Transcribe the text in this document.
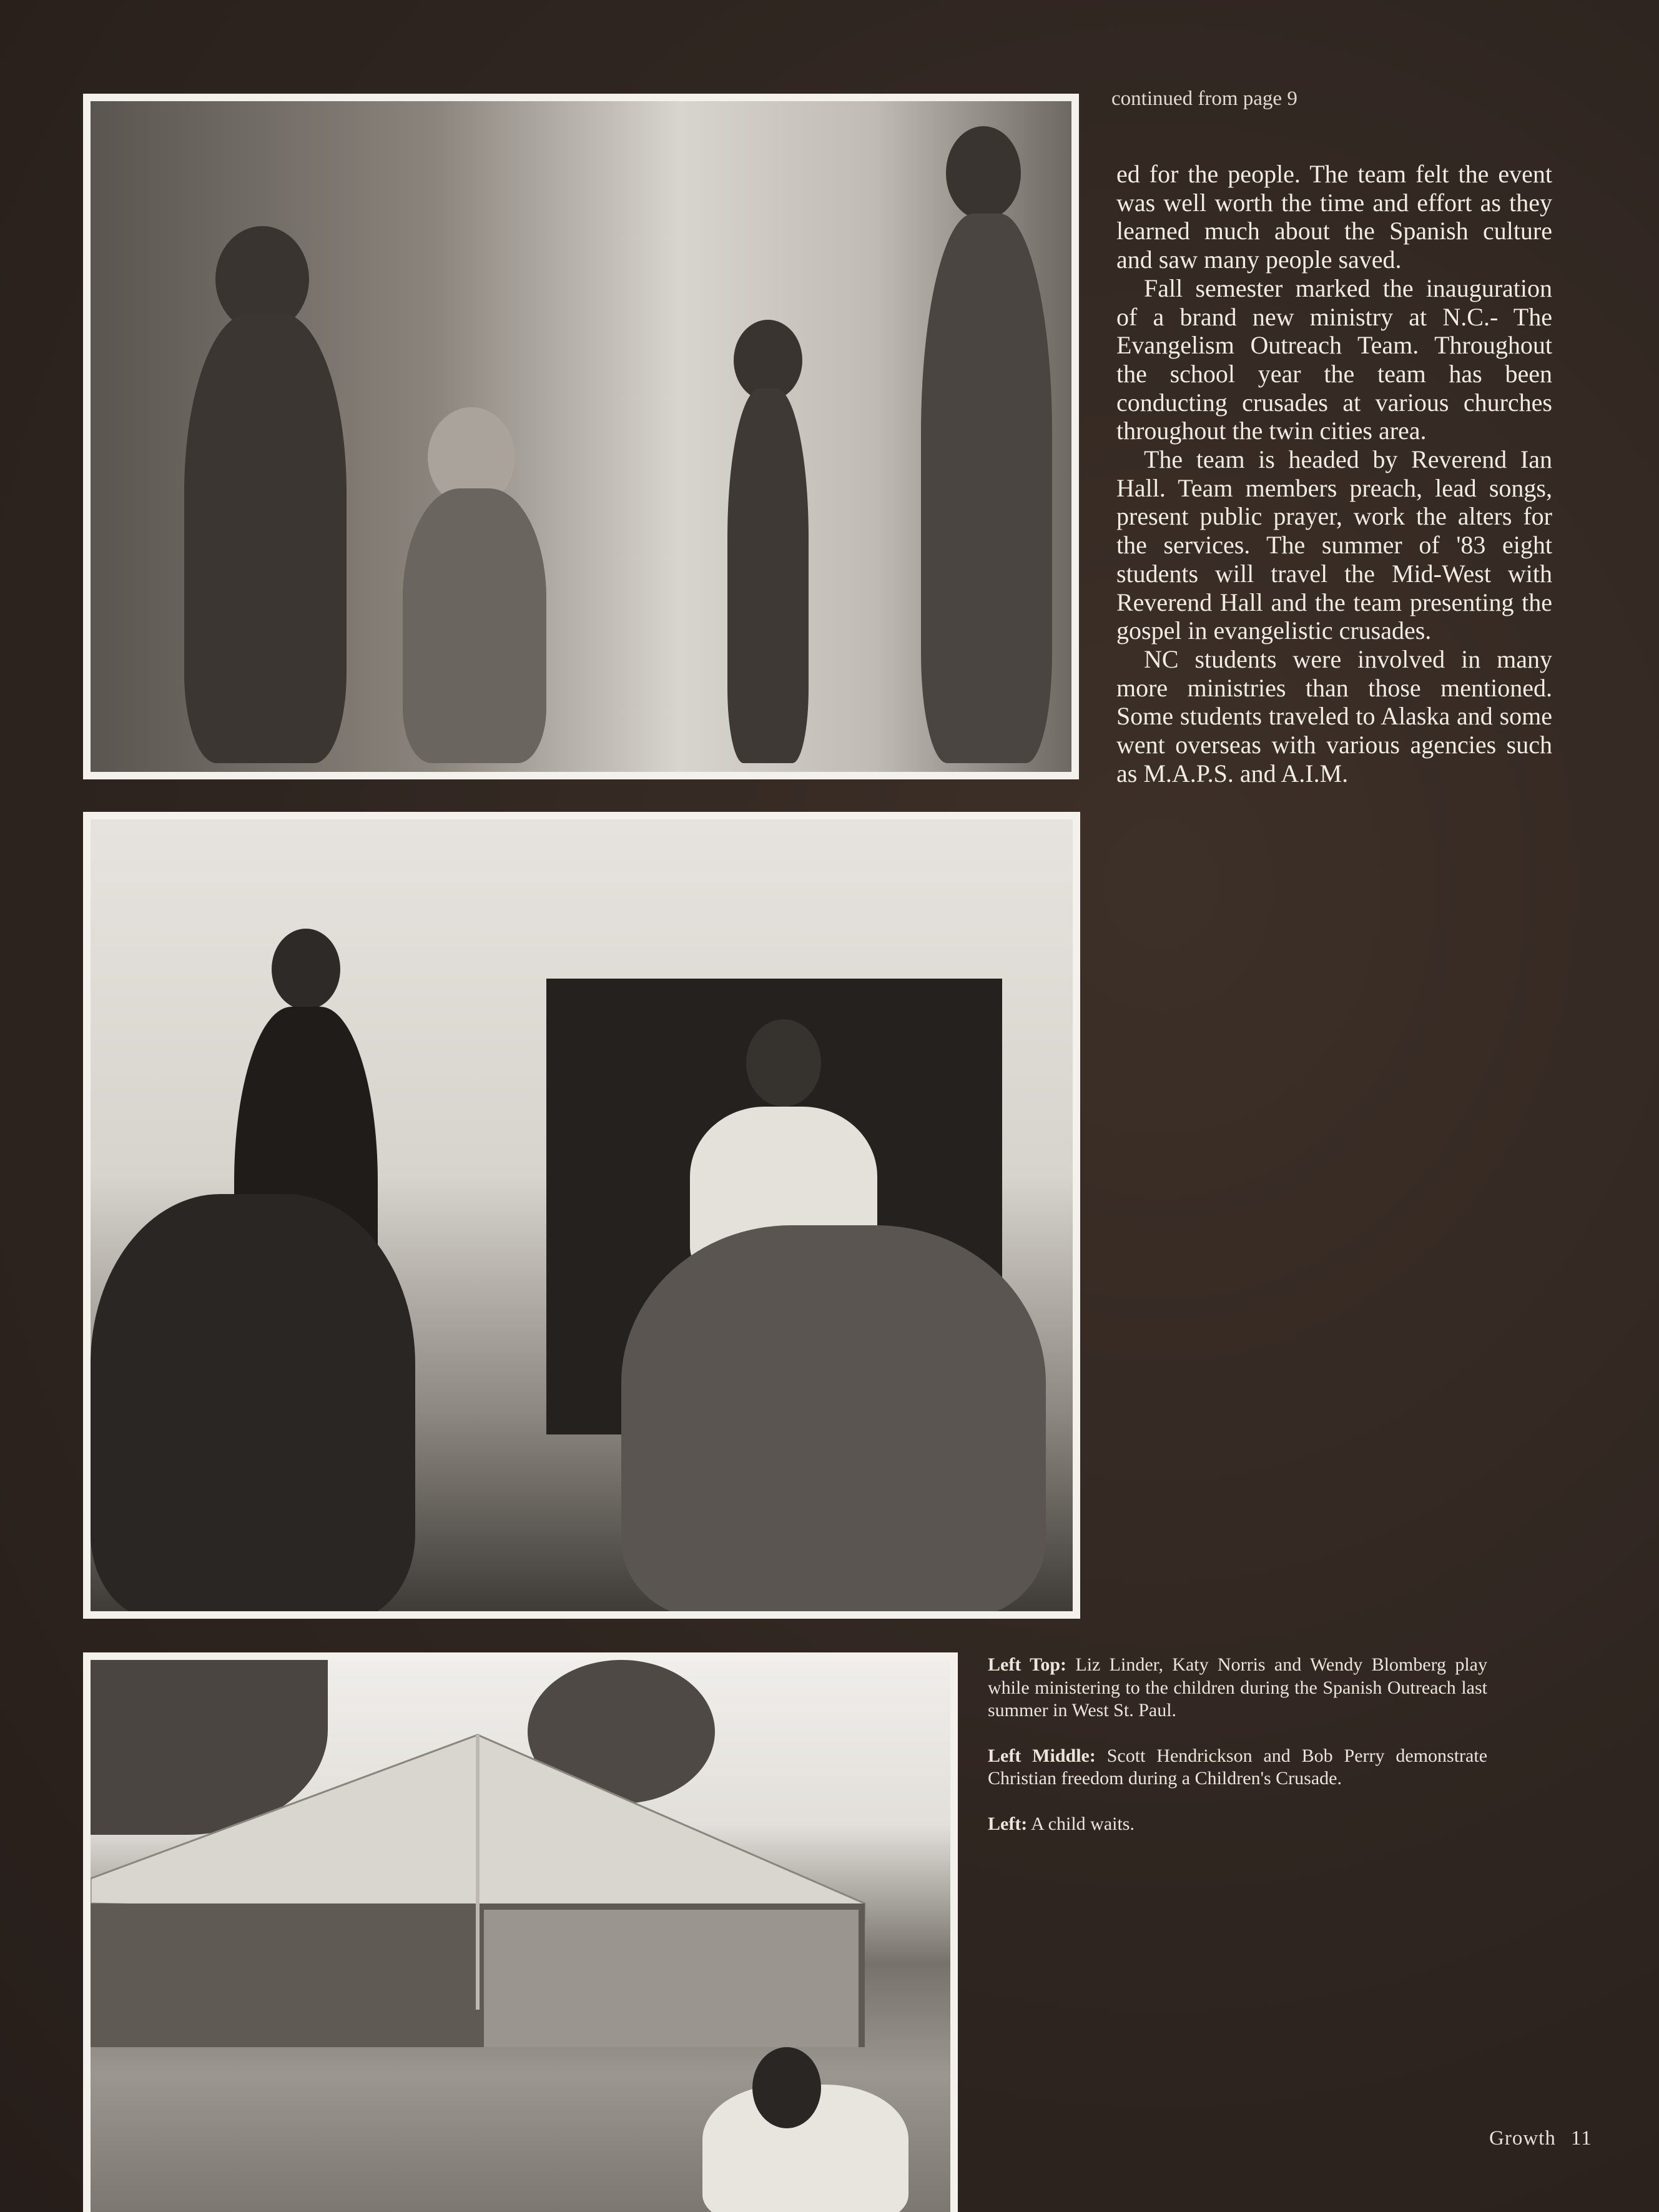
continued from page 9

ed for the people. The team felt the event was well worth the time and effort as they learned much about the Spanish culture and saw many people saved.

Fall semester marked the inauguration of a brand new ministry at N.C.- The Evangelism Outreach Team. Throughout the school year the team has been conducting crusades at various churches throughout the twin cities area.

The team is headed by Reverend Ian Hall. Team members preach, lead songs, present public prayer, work the alters for the services. The summer of '83 eight students will travel the Mid-West with Reverend Hall and the team presenting the gospel in evangelistic crusades.

NC students were involved in many more ministries than those mentioned. Some students traveled to Alaska and some went overseas with various agencies such as M.A.P.S. and A.I.M.

Left Top: Liz Linder, Katy Norris and Wendy Blomberg play while ministering to the children during the Spanish Outreach last summer in West St. Paul.

Left Middle: Scott Hendrickson and Bob Perry demonstrate Christian freedom during a Children's Crusade.

Left: A child waits.

Growth 11
